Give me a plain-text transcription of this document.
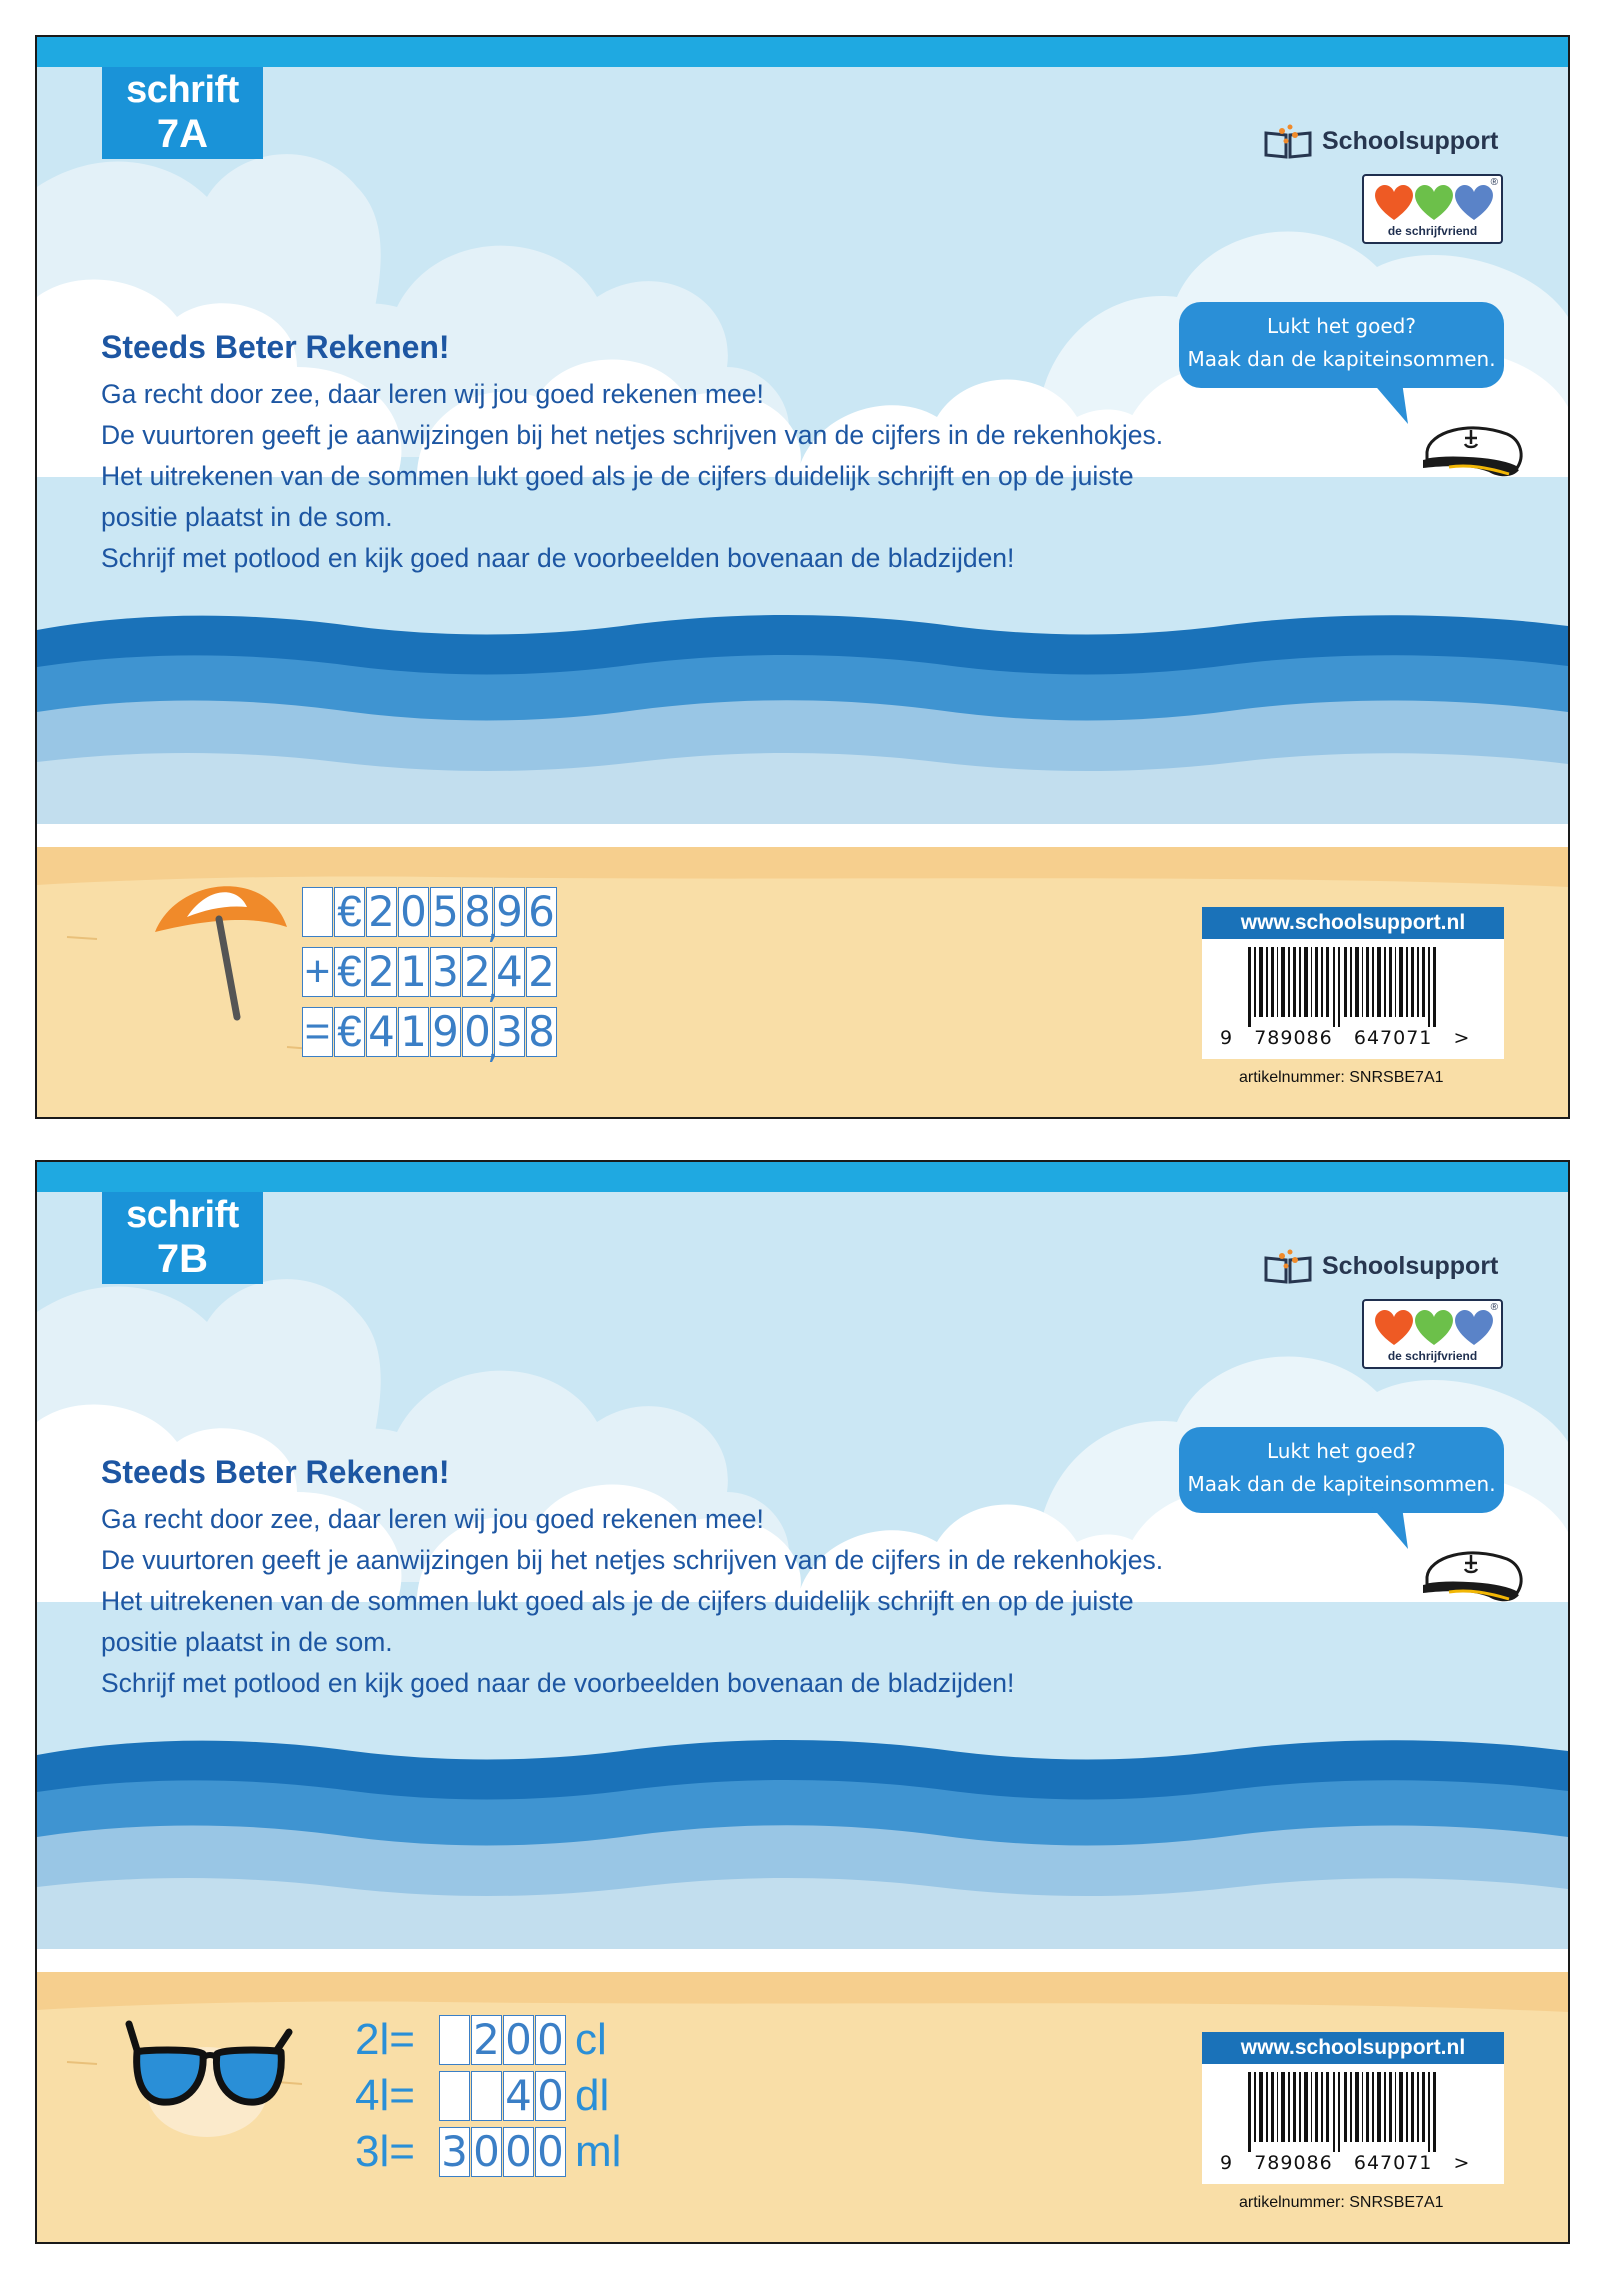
schrift
7A	Schoolsupport
®
de schrijfvriend
Lukt het goed?
Maak dan de kapiteinsommen.
Steeds Beter Rekenen!

Ga recht door zee, daar leren wij jou goed rekenen mee!

De vuurtoren geeft je aanwijzingen bij het netjes schrijven van de cijfers in de rekenhokjes.

Het uitrekenen van de sommen lukt goed als je de cijfers duidelijk schrijft en op de juiste

positie plaatst in de som.

Schrijf met potlood en kijk goed naar de voorbeelden bovenaan de bladzijden!

€ 2 0 5 8 , 9 6
+ € 2 1 3 2 , 4 2
= € 4 1 9 0 , 3 8
www.schoolsupport.nl
9   789086   647071   >
artikelnummer: SNRSBE7A1
schrift
7B	Schoolsupport
®
de schrijfvriend
Lukt het goed?
Maak dan de kapiteinsommen.
Steeds Beter Rekenen!

Ga recht door zee, daar leren wij jou goed rekenen mee!

De vuurtoren geeft je aanwijzingen bij het netjes schrijven van de cijfers in de rekenhokjes.

Het uitrekenen van de sommen lukt goed als je de cijfers duidelijk schrijft en op de juiste

positie plaatst in de som.

Schrijf met potlood en kijk goed naar de voorbeelden bovenaan de bladzijden!

2l=	2 0 0 cl
4l=	4 0 dl
3l= 3 0 0 0 ml
www.schoolsupport.nl
9   789086   647071   >
artikelnummer: SNRSBE7A1
